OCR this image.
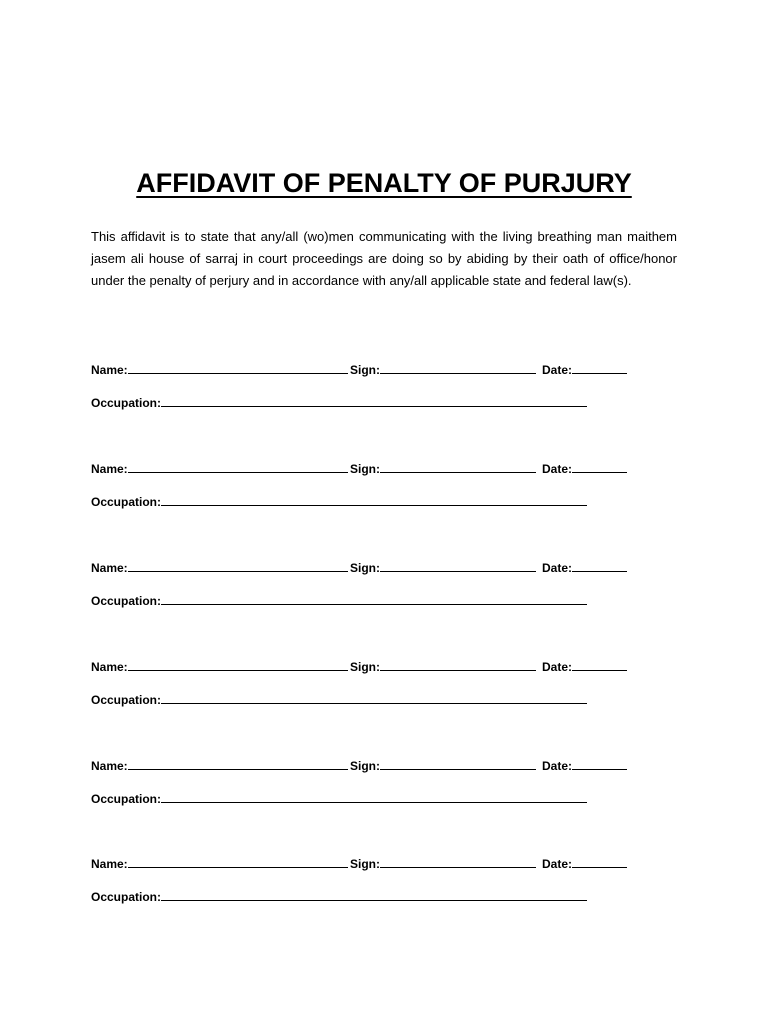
AFFIDAVIT OF PENALTY OF PURJURY
This affidavit is to state that any/all (wo)men communicating with the living breathing man maithem jasem ali house of sarraj in court proceedings are doing so by abiding by their oath of office/honor under the penalty of perjury and in accordance with any/all applicable state and federal law(s).
Name:	Sign:	Date:
Occupation:
Name:	Sign:	Date:
Occupation:
Name:	Sign:	Date:
Occupation:
Name:	Sign:	Date:
Occupation:
Name:	Sign:	Date:
Occupation:
Name:	Sign:	Date:
Occupation:
